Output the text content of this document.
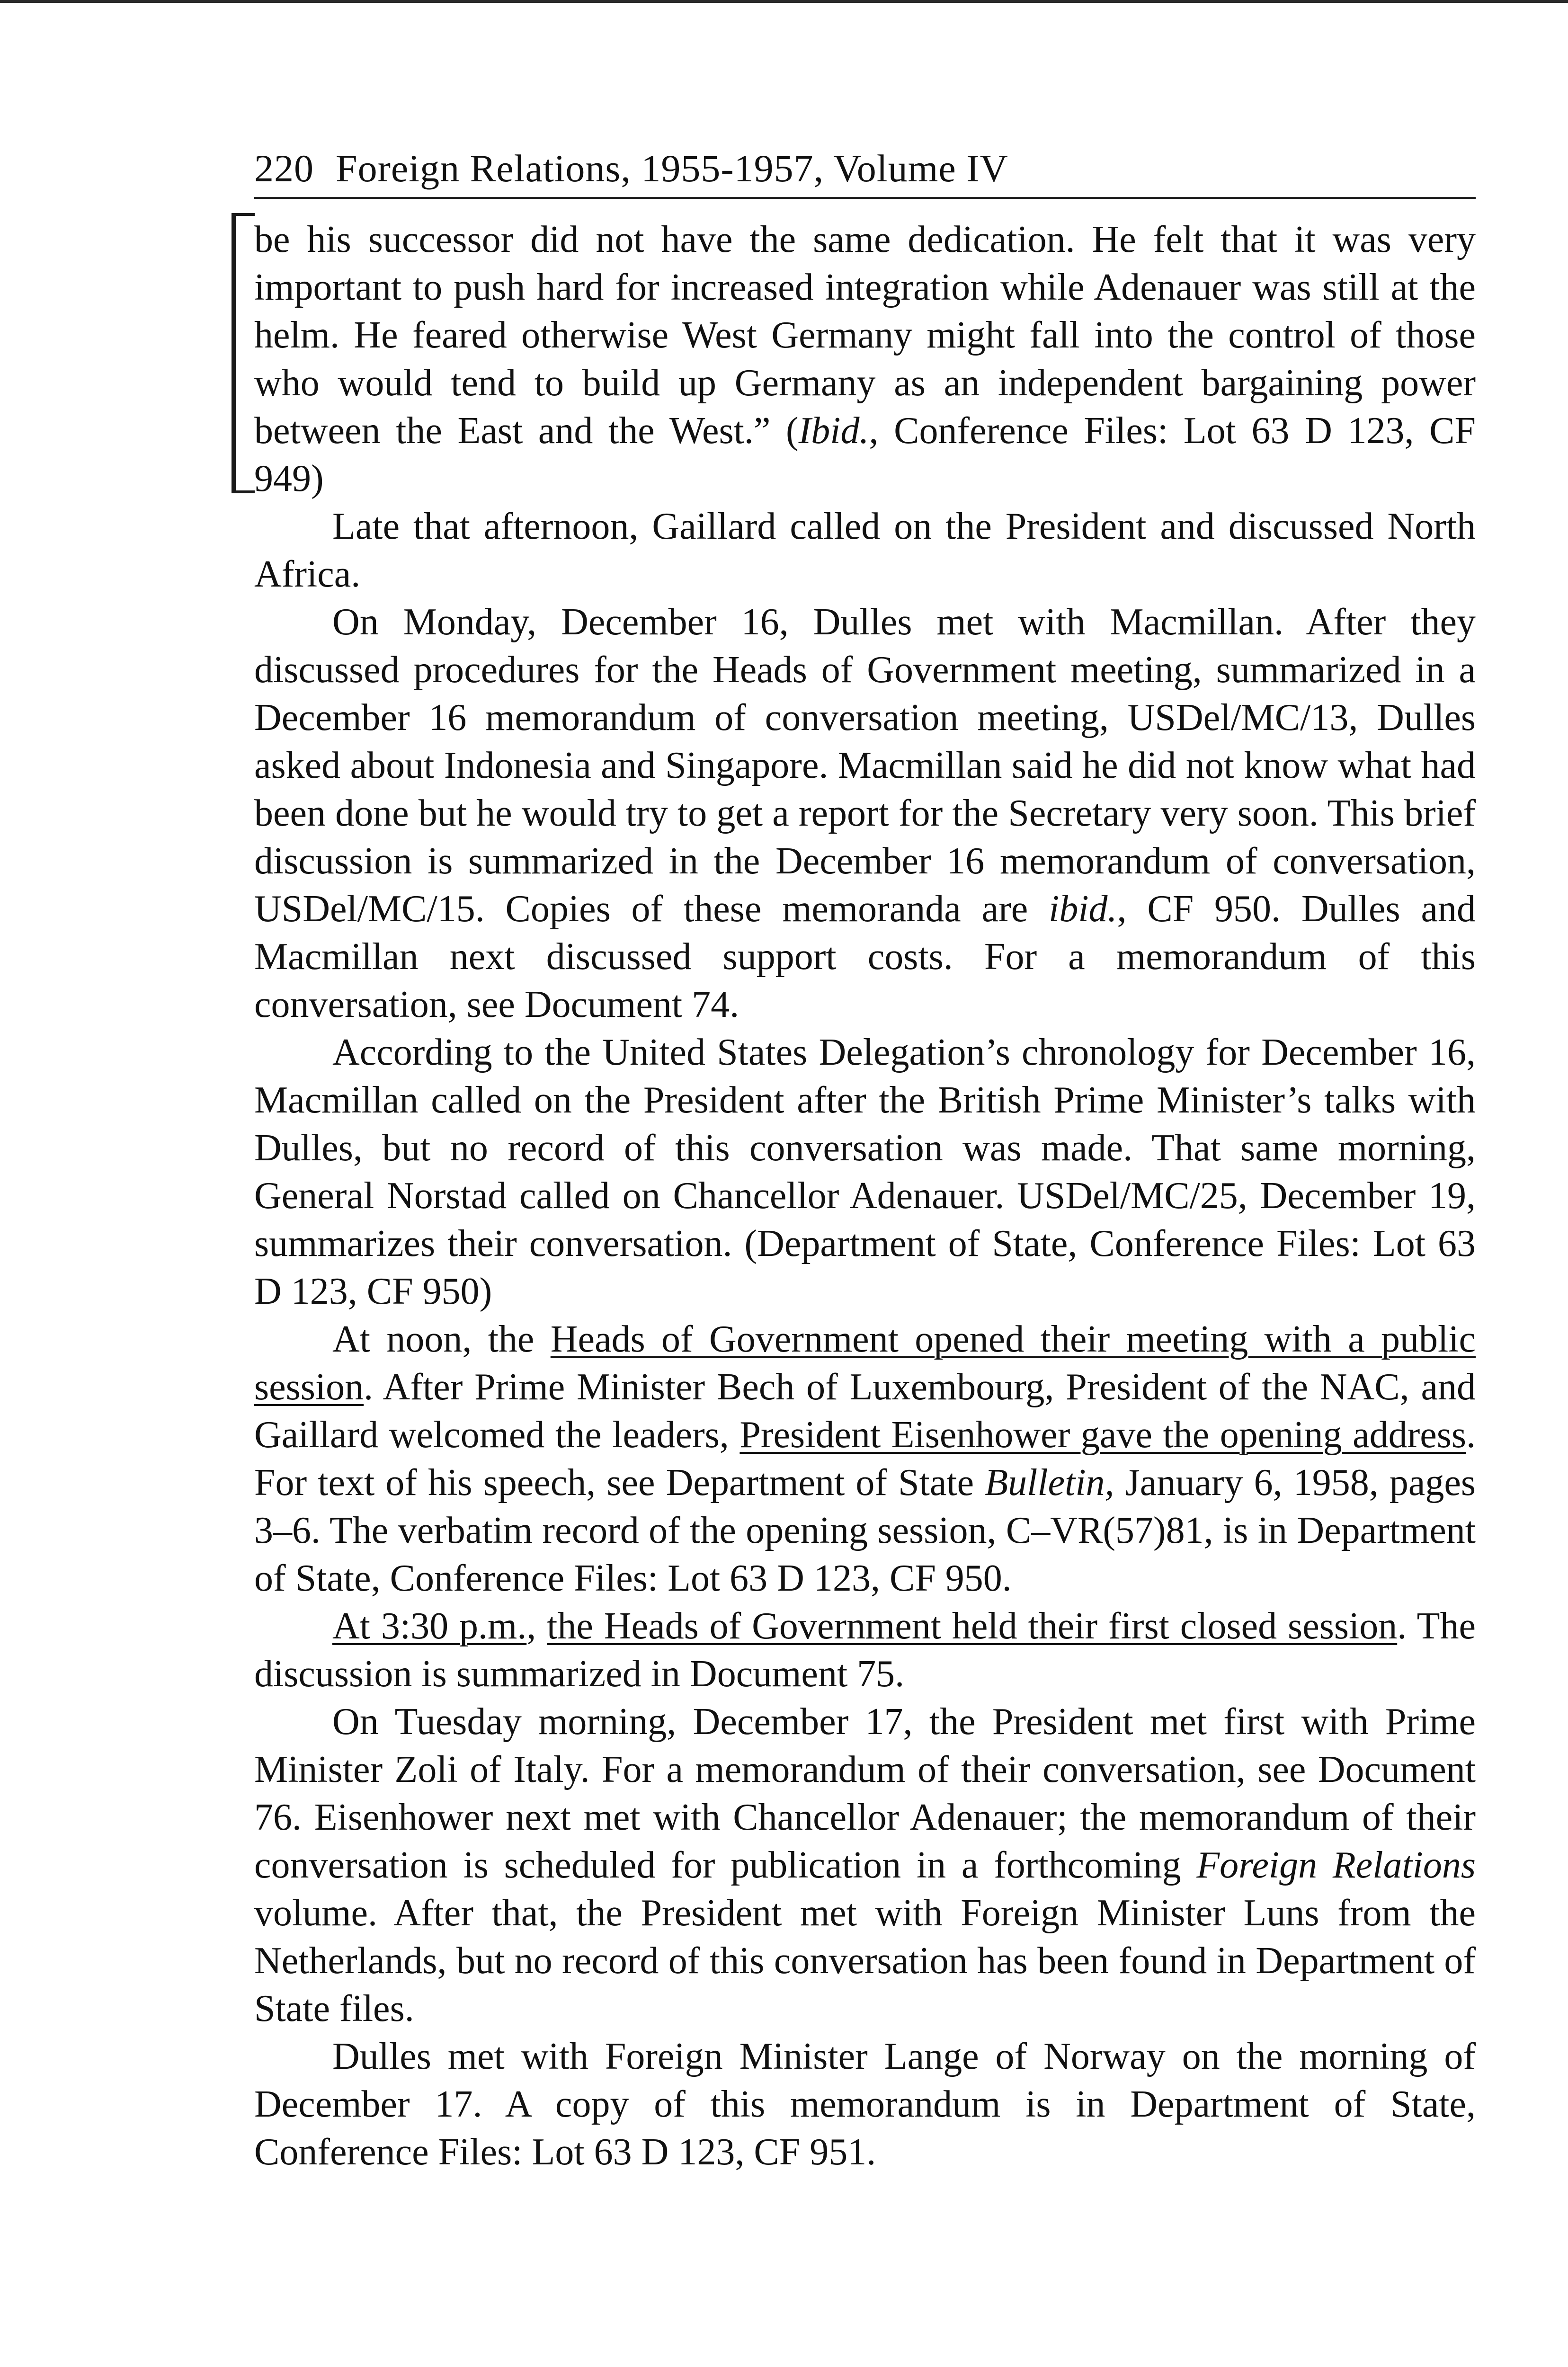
220 Foreign Relations, 1955-1957, Volume IV

be his successor did not have the same dedication. He felt that it was very important to push hard for increased integration while Adenauer was still at the helm. He feared otherwise West Germany might fall into the control of those who would tend to build up Germany as an independent bargaining power between the East and the West.” (Ibid., Conference Files: Lot 63 D 123, CF 949)

Late that afternoon, Gaillard called on the President and discussed North Africa.

On Monday, December 16, Dulles met with Macmillan. After they discussed procedures for the Heads of Government meeting, summarized in a December 16 memorandum of conversation meeting, USDel/MC/13, Dulles asked about Indonesia and Singapore. Macmillan said he did not know what had been done but he would try to get a report for the Secretary very soon. This brief discussion is summarized in the December 16 memorandum of conversation, USDel/MC/15. Copies of these memoranda are ibid., CF 950. Dulles and Macmillan next discussed support costs. For a memorandum of this conversation, see Document 74.

According to the United States Delegation’s chronology for December 16, Macmillan called on the President after the British Prime Minister’s talks with Dulles, but no record of this conversation was made. That same morning, General Norstad called on Chancellor Adenauer. USDel/MC/25, December 19, summarizes their conversation. (Department of State, Conference Files: Lot 63 D 123, CF 950)

At noon, the Heads of Government opened their meeting with a public session. After Prime Minister Bech of Luxembourg, President of the NAC, and Gaillard welcomed the leaders, President Eisenhower gave the opening address. For text of his speech, see Department of State Bulletin, January 6, 1958, pages 3–6. The verbatim record of the opening session, C–VR(57)81, is in Department of State, Conference Files: Lot 63 D 123, CF 950.

At 3:30 p.m., the Heads of Government held their first closed session. The discussion is summarized in Document 75.

On Tuesday morning, December 17, the President met first with Prime Minister Zoli of Italy. For a memorandum of their conversation, see Document 76. Eisenhower next met with Chancellor Adenauer; the memorandum of their conversation is scheduled for publication in a forthcoming Foreign Relations volume. After that, the President met with Foreign Minister Luns from the Netherlands, but no record of this conversation has been found in Department of State files.

Dulles met with Foreign Minister Lange of Norway on the morning of December 17. A copy of this memorandum is in Department of State, Conference Files: Lot 63 D 123, CF 951.
